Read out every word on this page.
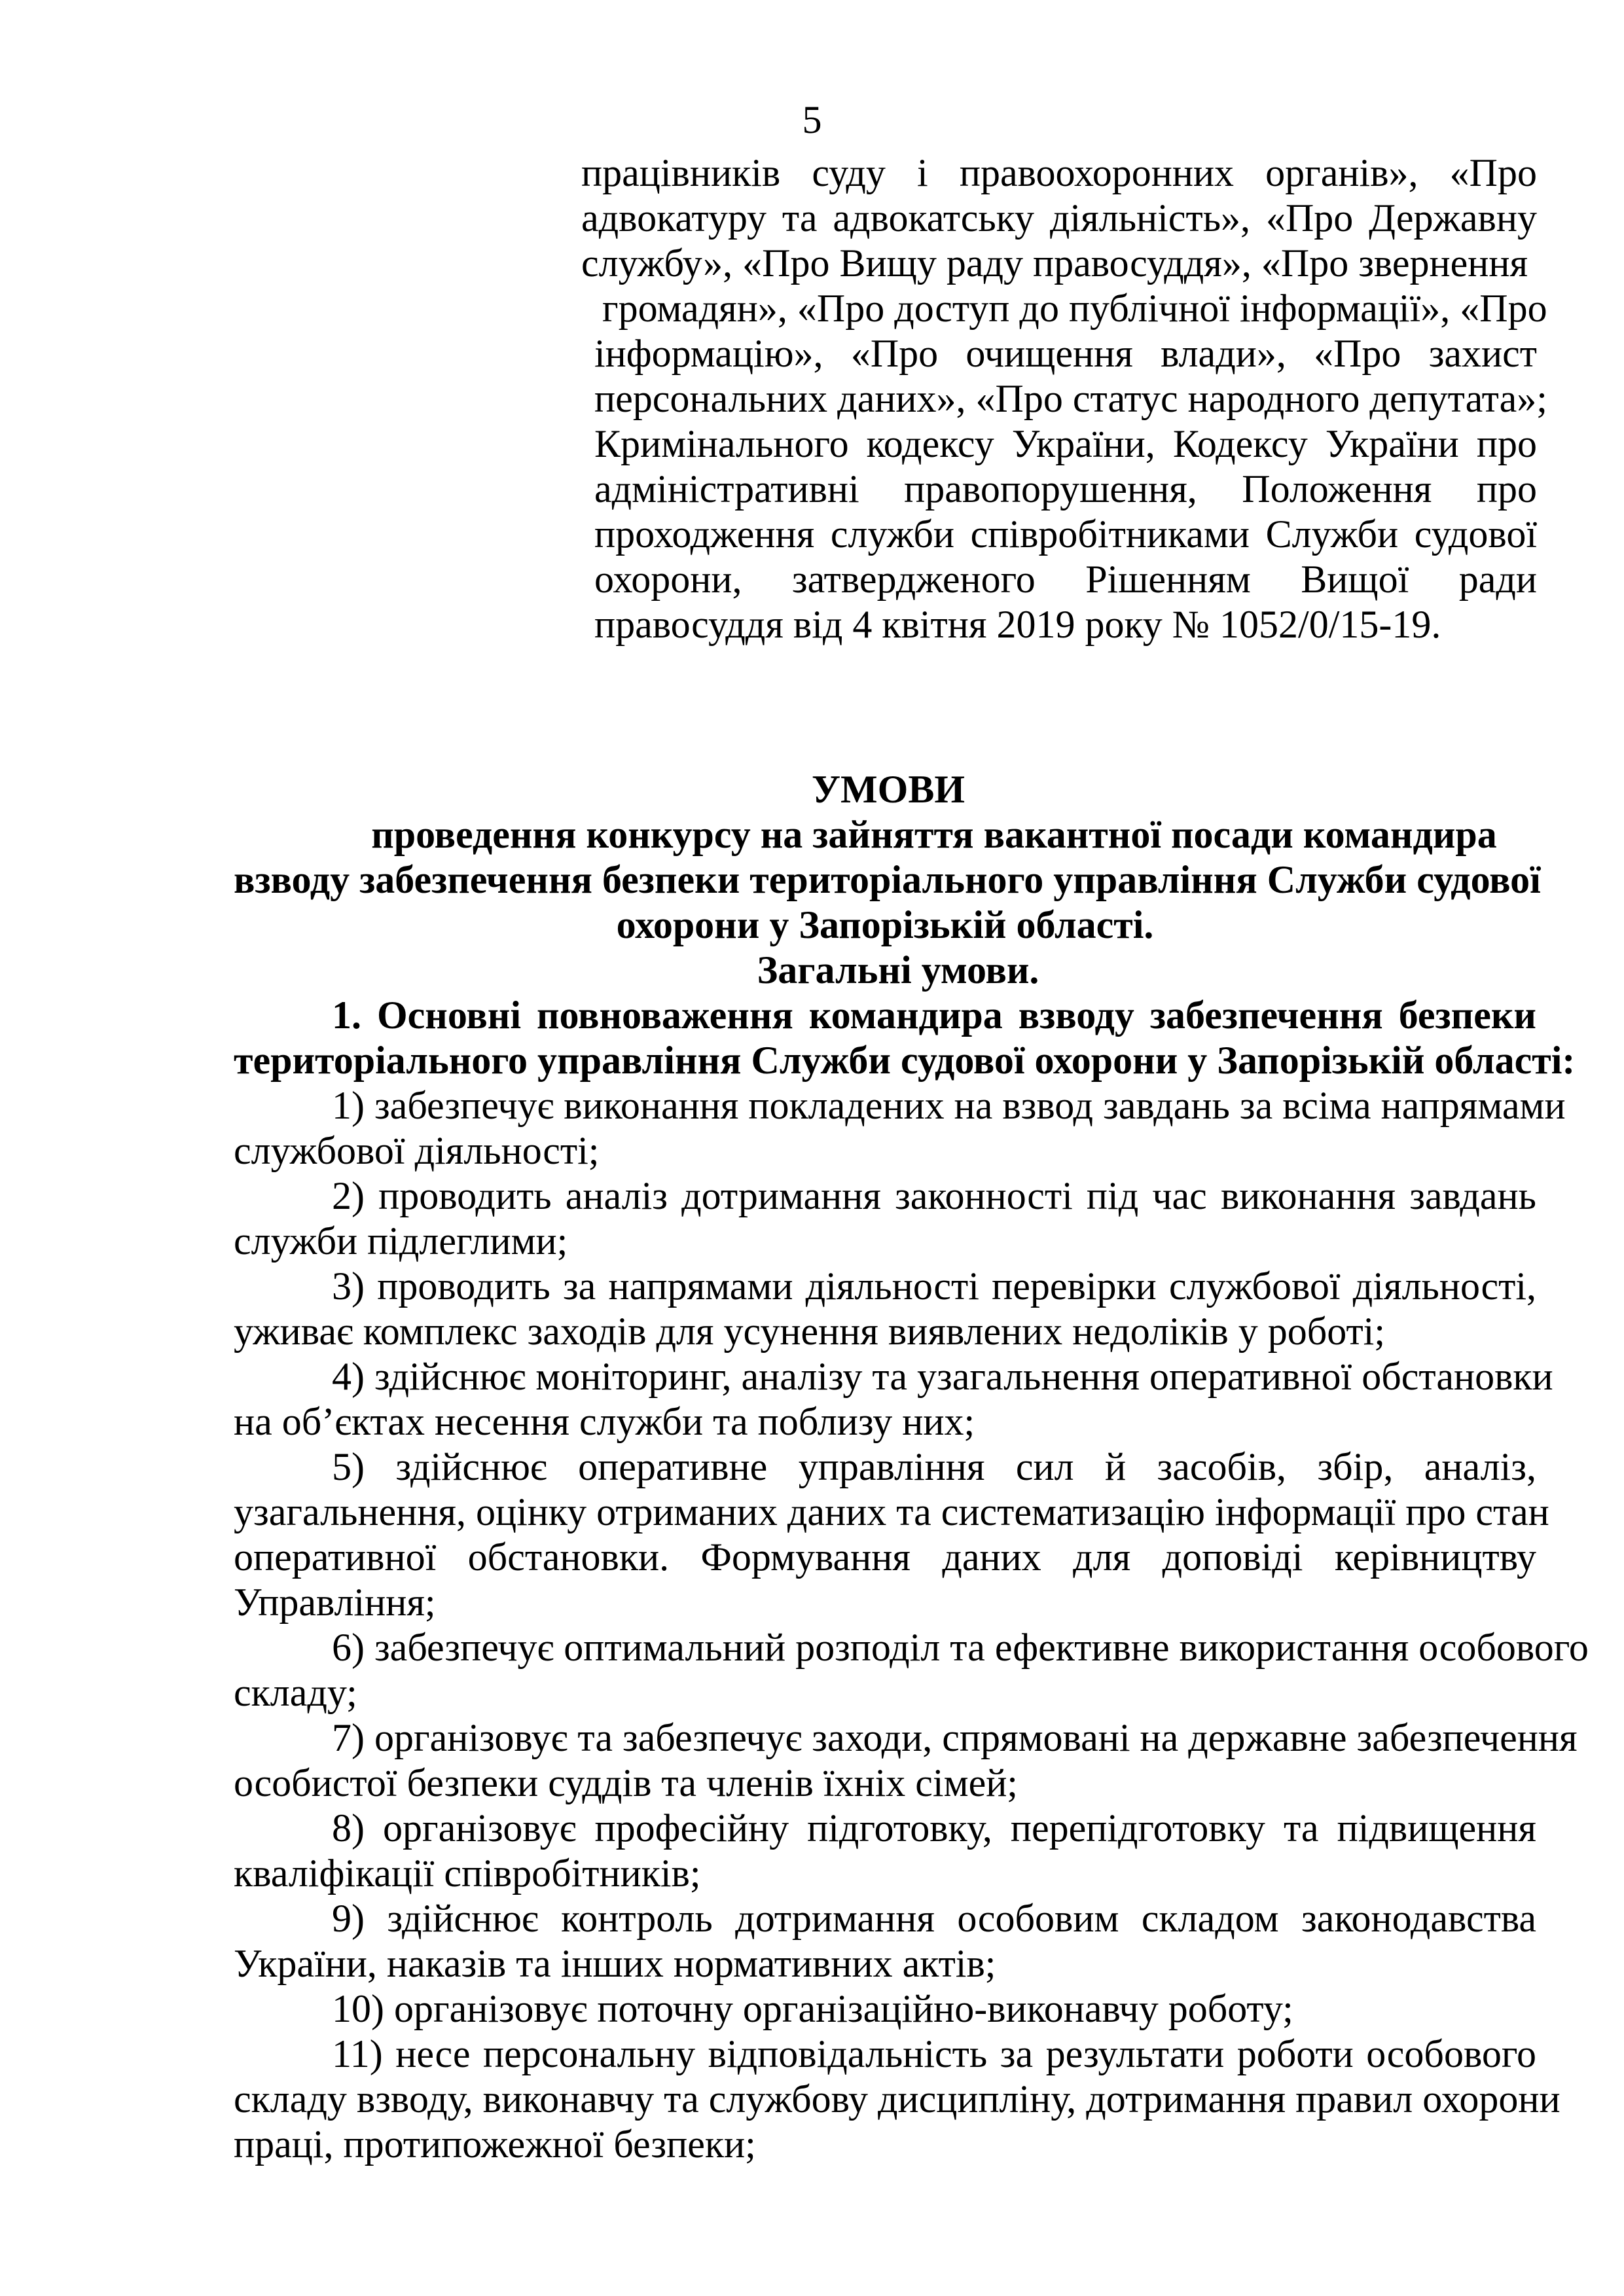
5
працівників суду і правоохоронних органів», «Про
адвокатуру та адвокатську діяльність», «Про Державну
службу», «Про Вищу раду правосуддя», «Про звернення
громадян», «Про доступ до публічної інформації», «Про
інформацію», «Про очищення влади», «Про захист
персональних даних», «Про статус народного депутата»;
Кримінального кодексу України, Кодексу України про
адміністративні правопорушення, Положення про
проходження служби співробітниками Служби судової
охорони, затвердженого Рішенням Вищої ради
правосуддя від 4 квітня 2019 року № 1052/0/15-19.
УМОВИ
проведення конкурсу на зайняття вакантної посади командира
взводу забезпечення безпеки територіального управління Служби судової
охорони у Запорізькій області.
Загальні умови.
1. Основні повноваження командира взводу забезпечення безпеки
територіального управління Служби судової охорони у Запорізькій області:
1) забезпечує виконання покладених на взвод завдань за всіма напрямами
службової діяльності;
2) проводить аналіз дотримання законності під час виконання завдань
служби підлеглими;
3) проводить за напрямами діяльності перевірки службової діяльності,
уживає комплекс заходів для усунення виявлених недоліків у роботі;
4) здійснює моніторинг, аналізу та узагальнення оперативної обстановки
на об’єктах несення служби та поблизу них;
5) здійснює оперативне управління сил й засобів, збір, аналіз,
узагальнення, оцінку отриманих даних та систематизацію інформації про стан
оперативної обстановки. Формування даних для доповіді керівництву
Управління;
6) забезпечує оптимальний розподіл та ефективне використання особового
складу;
7) організовує та забезпечує заходи, спрямовані на державне забезпечення
особистої безпеки суддів та членів їхніх сімей;
8) організовує професійну підготовку, перепідготовку та підвищення
кваліфікації співробітників;
9) здійснює контроль дотримання особовим складом законодавства
України, наказів та інших нормативних актів;
10) організовує поточну організаційно-виконавчу роботу;
11) несе персональну відповідальність за результати роботи особового
складу взводу, виконавчу та службову дисципліну, дотримання правил охорони
праці, протипожежної безпеки;
